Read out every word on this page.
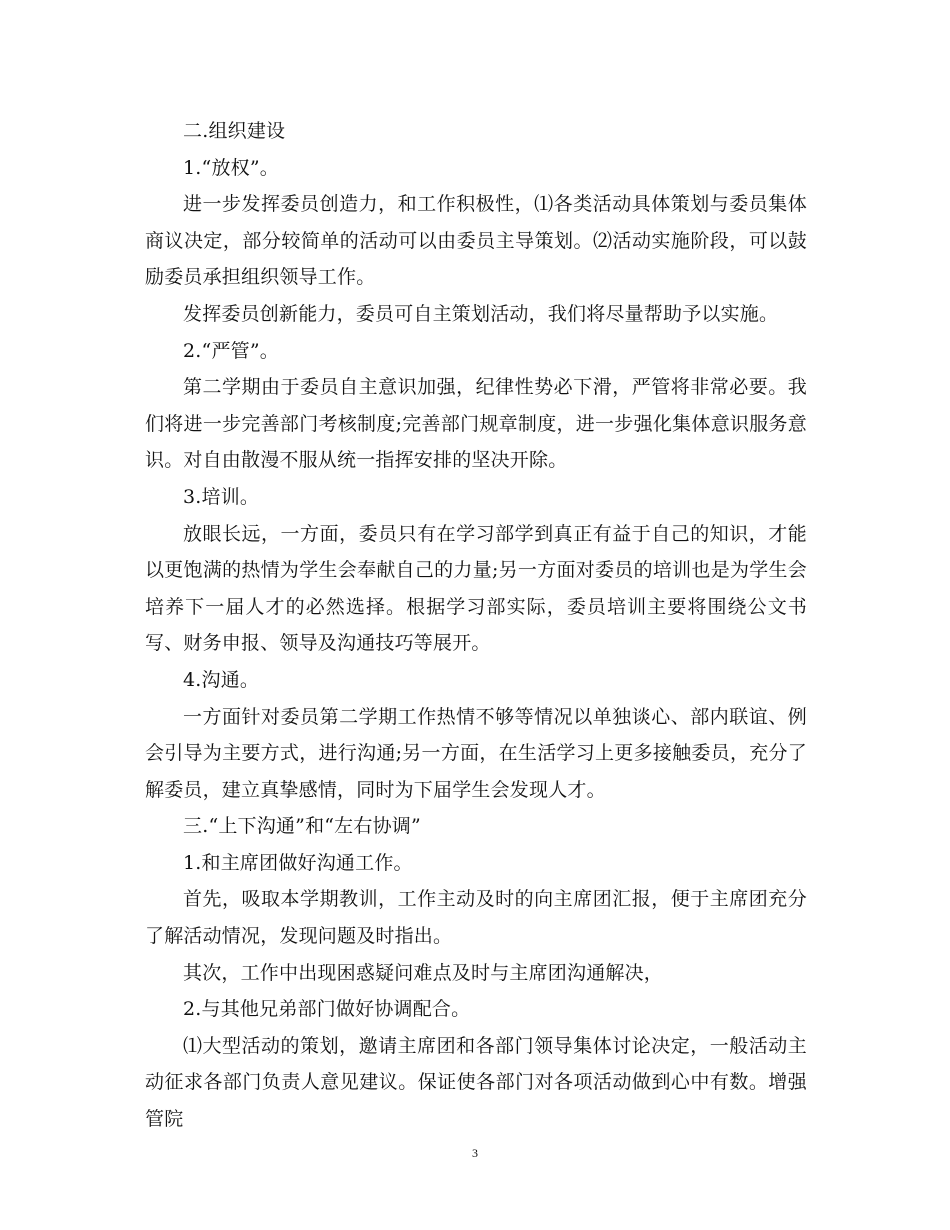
二.组织建设

1.“放权”。

进一步发挥委员创造力，和工作积极性，⑴各类活动具体策划与委员集体商议决定，部分较简单的活动可以由委员主导策划。⑵活动实施阶段，可以鼓励委员承担组织领导工作。

发挥委员创新能力，委员可自主策划活动，我们将尽量帮助予以实施。

2.“严管”。

第二学期由于委员自主意识加强，纪律性势必下滑，严管将非常必要。我们将进一步完善部门考核制度;完善部门规章制度，进一步强化集体意识服务意识。对自由散漫不服从统一指挥安排的坚决开除。

3.培训。

放眼长远，一方面，委员只有在学习部学到真正有益于自己的知识，才能以更饱满的热情为学生会奉献自己的力量;另一方面对委员的培训也是为学生会培养下一届人才的必然选择。根据学习部实际，委员培训主要将围绕公文书写、财务申报、领导及沟通技巧等展开。

4.沟通。

一方面针对委员第二学期工作热情不够等情况以单独谈心、部内联谊、例会引导为主要方式，进行沟通;另一方面，在生活学习上更多接触委员，充分了解委员，建立真挚感情，同时为下届学生会发现人才。

三.“上下沟通”和“左右协调”

1.和主席团做好沟通工作。

首先，吸取本学期教训，工作主动及时的向主席团汇报，便于主席团充分了解活动情况，发现问题及时指出。

其次，工作中出现困惑疑问难点及时与主席团沟通解决，

2.与其他兄弟部门做好协调配合。

⑴大型活动的策划，邀请主席团和各部门领导集体讨论决定，一般活动主动征求各部门负责人意见建议。保证使各部门对各项活动做到心中有数。增强管院

3
